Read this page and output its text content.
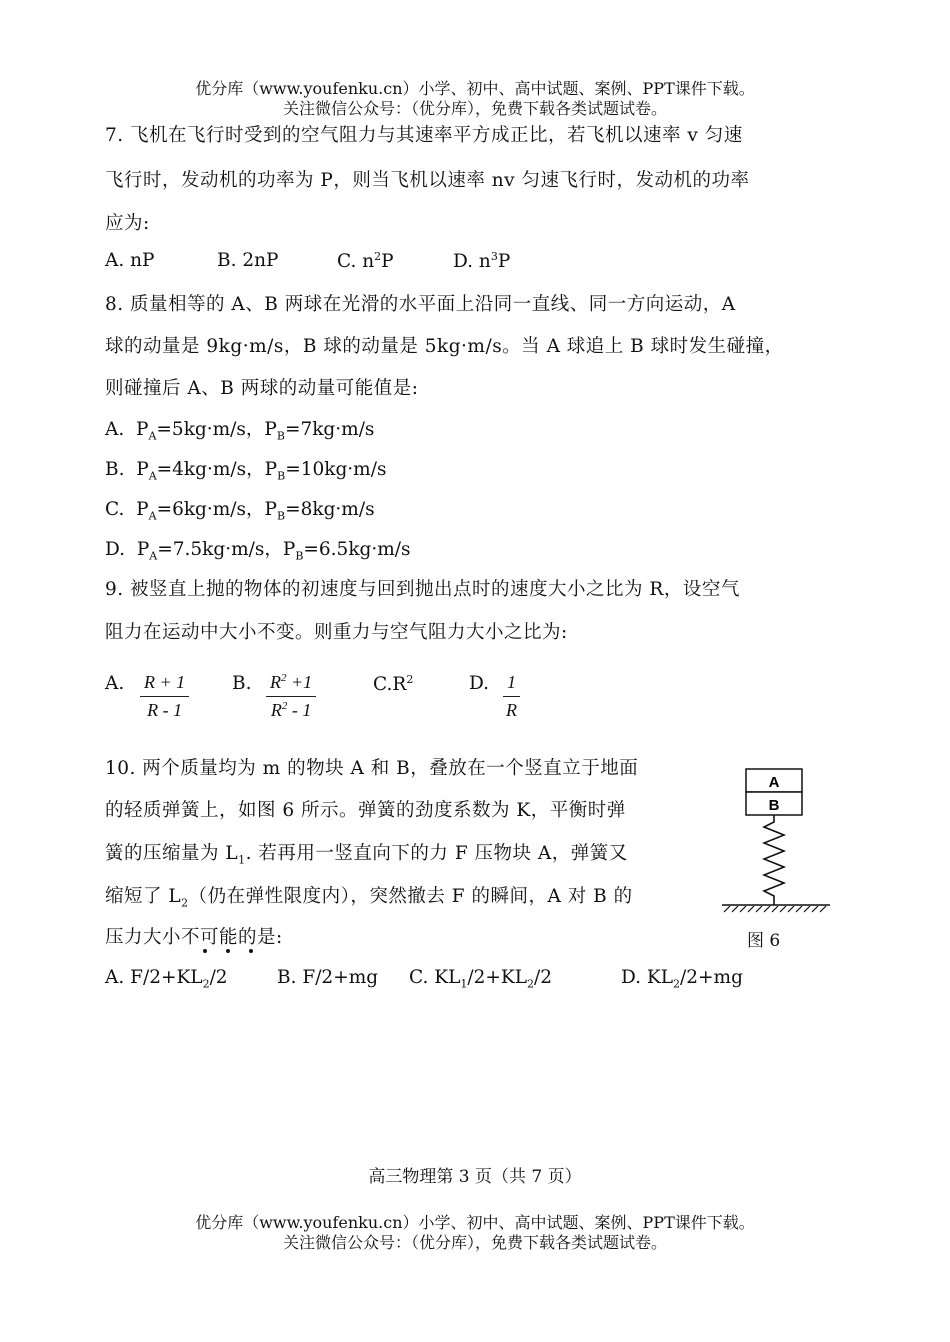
优分库（www.youfenku.cn）小学、初中、高中试题、案例、PPT课件下载。
关注微信公众号：（优分库），免费下载各类试题试卷。
7. 飞机在飞行时受到的空气阻力与其速率平方成正比，若飞机以速率 v 匀速
飞行时，发动机的功率为 P，则当飞机以速率 nv 匀速飞行时，发动机的功率
应为:
A. nP	B. 2nP	C. $n^2P$	D. $n^3P$
8. 质量相等的 A、B 两球在光滑的水平面上沿同一直线、同一方向运动，A
球的动量是 9kg·m/s，B 球的动量是 5kg·m/s。当 A 球追上 B 球时发生碰撞，
则碰撞后 A、B 两球的动量可能值是:
A. $P_A=5kg\cdot m/s$，$P_B=7kg\cdot m/s$
B. $P_A=4kg\cdot m/s$，$P_B=10kg\cdot m/s$
C. $P_A=6kg\cdot m/s$，$P_B=8kg\cdot m/s$
D. $P_A=7.5kg\cdot m/s$，$P_B=6.5kg\cdot m/s$
9. 被竖直上抛的物体的初速度与回到抛出点时的速度大小之比为 R，设空气
阻力在运动中大小不变。则重力与空气阻力大小之比为:
A. $\frac{R + 1}{R - 1} B$. $\frac{R^2 +1}{R^2 - 1}$	$C.R^2$	D. $\frac{1}{R}$
10. 两个质量均为 m 的物块 A 和 B，叠放在一个竖直立于地面
的轻质弹簧上，如图 6 所示。弹簧的劲度系数为 K，平衡时弹
簧的压缩量为 $L_1$. 若再用一竖直向下的力 F 压物块 A，弹簧又
缩短了 $L_2$（仍在弹性限度内），突然撤去 F 的瞬间，A 对 B 的
压力大小不可能的是:
A. $F/2+KL_2/2$	B. F/2+mg C. $KL_1/2+KL_2/2$	D. $KL_2/2+mg$
A
B
图 6
高三物理第 3 页（共 7 页）
优分库（www.youfenku.cn）小学、初中、高中试题、案例、PPT课件下载。
关注微信公众号：（优分库），免费下载各类试题试卷。
